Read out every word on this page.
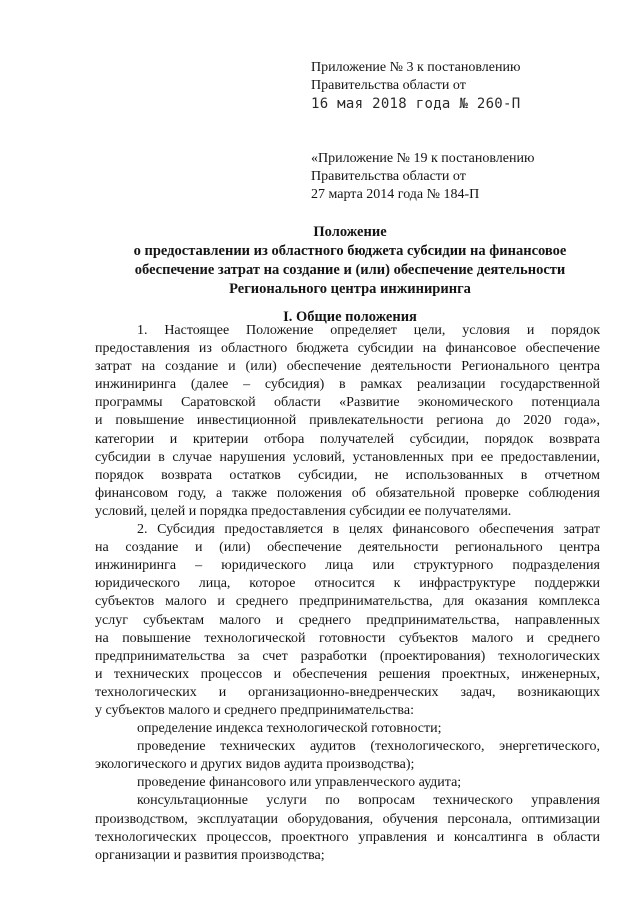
Приложение № 3 к постановлению
Правительства области от
16 мая 2018 года № 260-П
«Приложение № 19 к постановлению
Правительства области от
27 марта 2014 года № 184-П
Положение
о предоставлении из областного бюджета субсидии на финансовое
обеспечение затрат на создание и (или) обеспечение деятельности
Регионального центра инжиниринга
I. Общие положения
1. Настоящее Положение определяет цели, условия и порядок
предоставления из областного бюджета субсидии на финансовое обеспечение
затрат на создание и (или) обеспечение деятельности Регионального центра
инжиниринга (далее – субсидия) в рамках реализации государственной
программы Саратовской области «Развитие экономического потенциала
и повышение инвестиционной привлекательности региона до 2020 года»,
категории и критерии отбора получателей субсидии, порядок возврата
субсидии в случае нарушения условий, установленных при ее предоставлении,
порядок возврата остатков субсидии, не использованных в отчетном
финансовом году, а также положения об обязательной проверке соблюдения
условий, целей и порядка предоставления субсидии ее получателями.
2. Субсидия предоставляется в целях финансового обеспечения затрат
на создание и (или) обеспечение деятельности регионального центра
инжиниринга – юридического лица или структурного подразделения
юридического лица, которое относится к инфраструктуре поддержки
субъектов малого и среднего предпринимательства, для оказания комплекса
услуг субъектам малого и среднего предпринимательства, направленных
на повышение технологической готовности субъектов малого и среднего
предпринимательства за счет разработки (проектирования) технологических
и технических процессов и обеспечения решения проектных, инженерных,
технологических и организационно-внедренческих задач, возникающих
у субъектов малого и среднего предпринимательства:
определение индекса технологической готовности;
проведение технических аудитов (технологического, энергетического,
экологического и других видов аудита производства);
проведение финансового или управленческого аудита;
консультационные услуги по вопросам технического управления
производством, эксплуатации оборудования, обучения персонала, оптимизации
технологических процессов, проектного управления и консалтинга в области
организации и развития производства;
